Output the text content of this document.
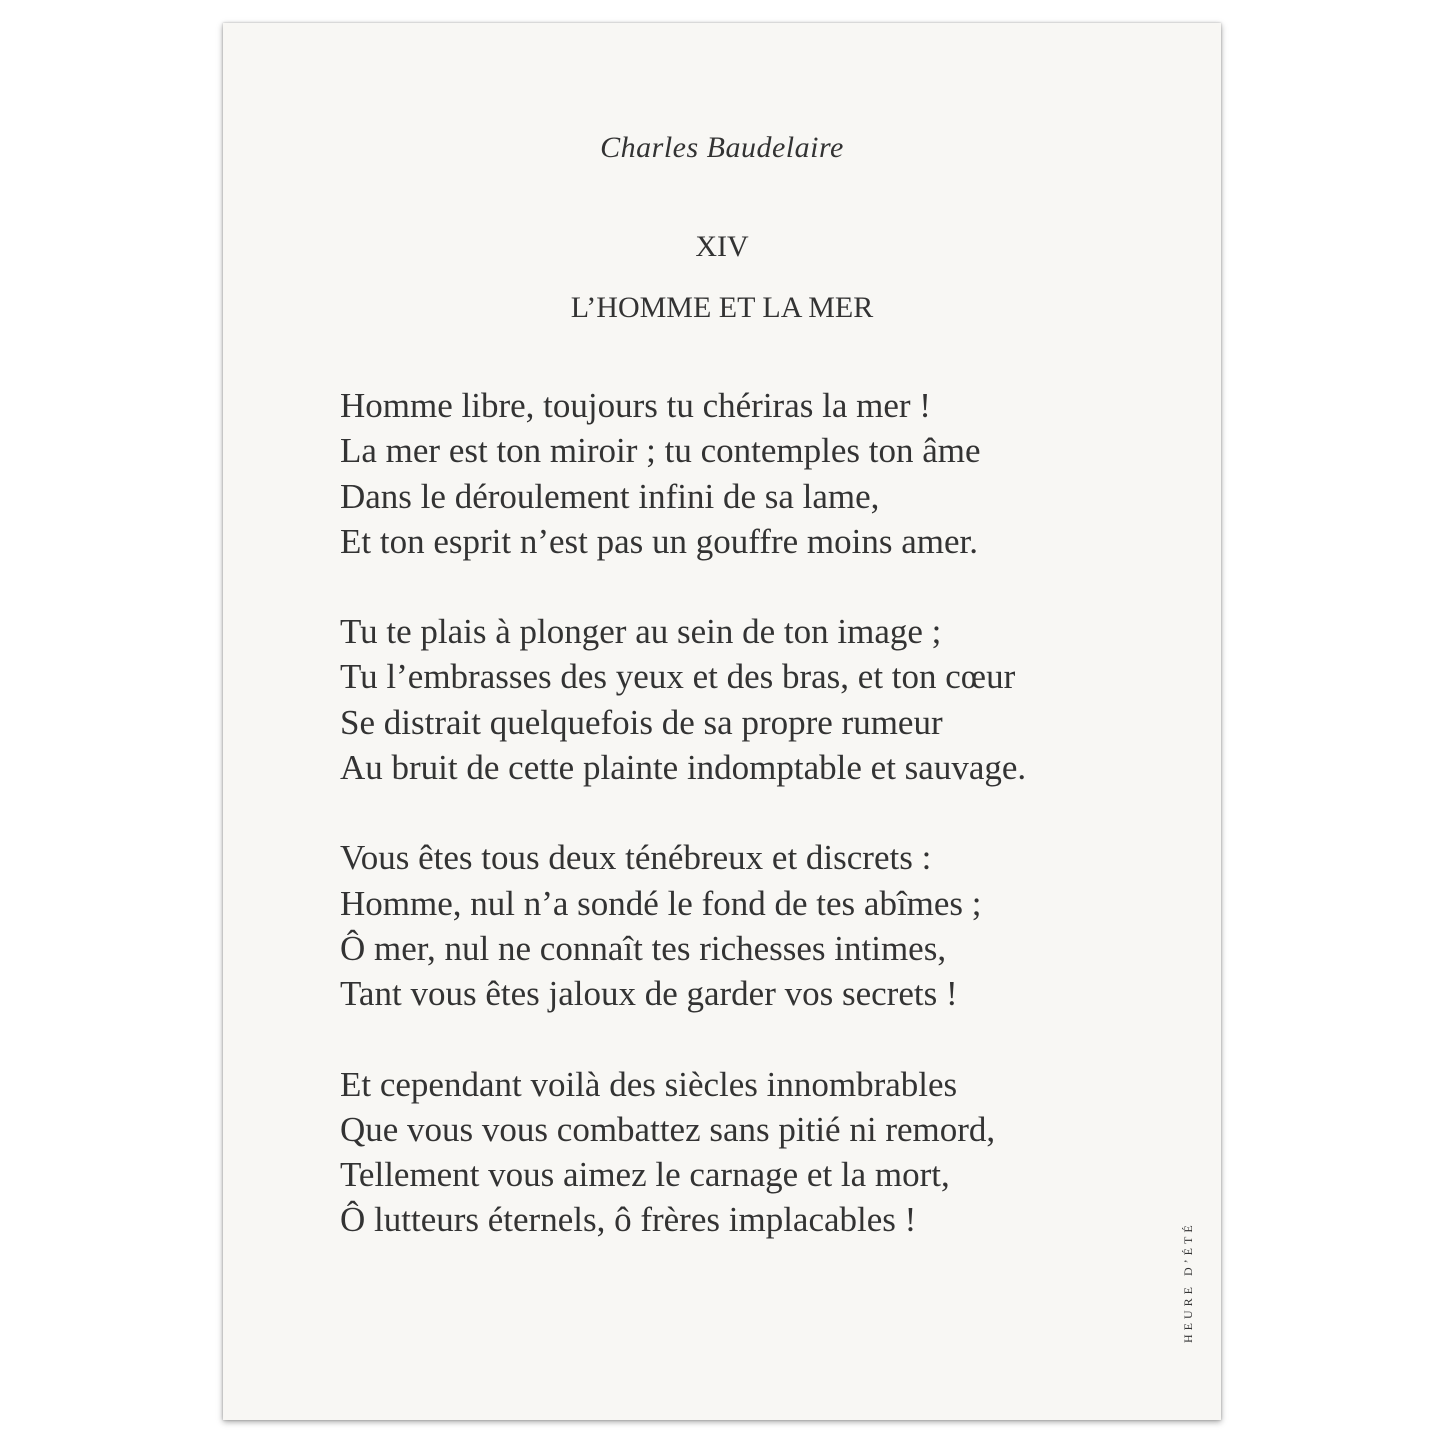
Charles Baudelaire
XIV
L’HOMME ET LA MER
Homme libre, toujours tu chériras la mer !
La mer est ton miroir ; tu contemples ton âme
Dans le déroulement infini de sa lame,
Et ton esprit n’est pas un gouffre moins amer.
Tu te plais à plonger au sein de ton image ;
Tu l’embrasses des yeux et des bras, et ton cœur
Se distrait quelquefois de sa propre rumeur
Au bruit de cette plainte indomptable et sauvage.
Vous êtes tous deux ténébreux et discrets :
Homme, nul n’a sondé le fond de tes abîmes ;
Ô mer, nul ne connaît tes richesses intimes,
Tant vous êtes jaloux de garder vos secrets !
Et cependant voilà des siècles innombrables
Que vous vous combattez sans pitié ni remord,
Tellement vous aimez le carnage et la mort,
Ô lutteurs éternels, ô frères implacables !
HEURE D’ÉTÉ
